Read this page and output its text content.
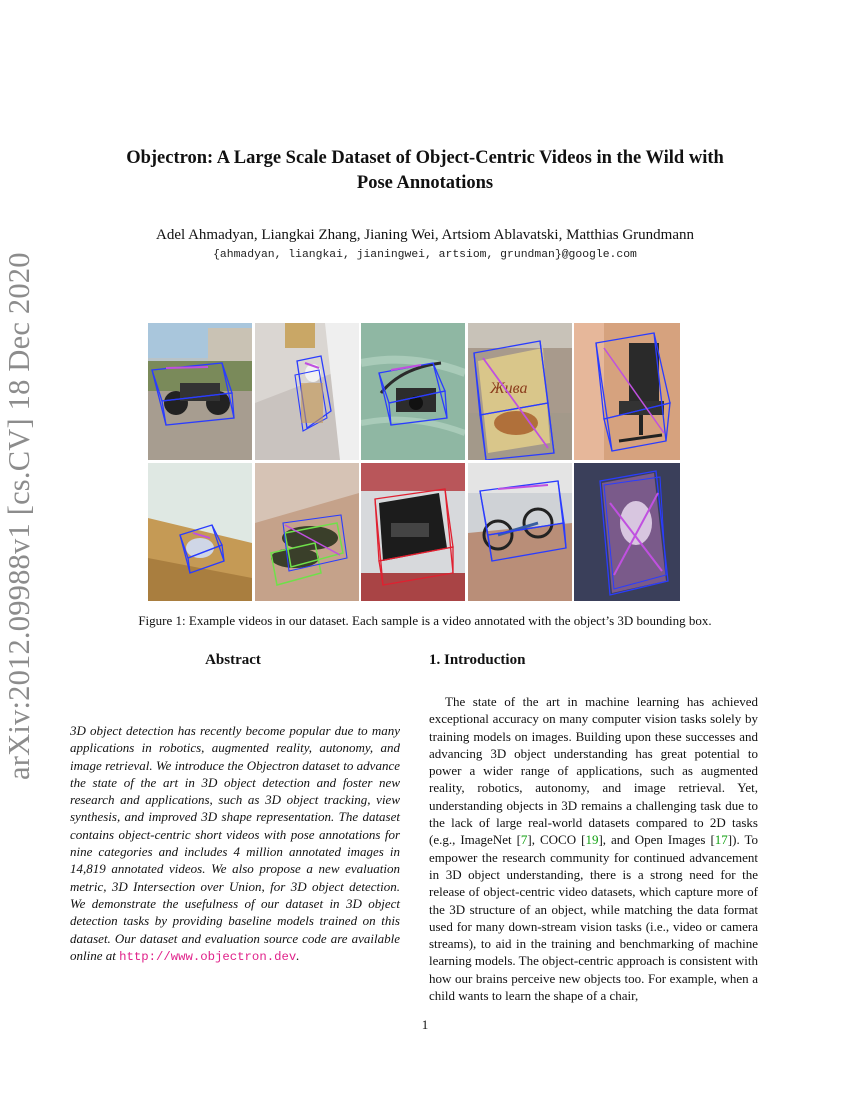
arXiv:2012.09988v1 [cs.CV] 18 Dec 2020
Objectron: A Large Scale Dataset of Object-Centric Videos in the Wild with
Pose Annotations
Adel Ahmadyan, Liangkai Zhang, Jianing Wei, Artsiom Ablavatski, Matthias Grundmann
{ahmadyan, liangkai, jianingwei, artsiom, grundman}@google.com
Жива
Figure 1: Example videos in our dataset. Each sample is a video annotated with the object’s 3D bounding box.
Abstract	1. Introduction
3D object detection has recently become popular due to many applications in robotics, augmented reality, autonomy, and image retrieval. We introduce the Objectron dataset to advance the state of the art in 3D object detection and foster new research and applications, such as 3D object tracking, view synthesis, and improved 3D shape representation. The dataset contains object-centric short videos with pose annotations for nine categories and includes 4 million annotated images in 14,819 annotated videos. We also propose a new evaluation metric, 3D Intersection over Union, for 3D object detection. We demonstrate the usefulness of our dataset in 3D object detection tasks by providing baseline models trained on this dataset. Our dataset and evaluation source code are available online at http://www.objectron.dev.
The state of the art in machine learning has achieved exceptional accuracy on many computer vision tasks solely by training models on images. Building upon these successes and advancing 3D object understanding has great potential to power a wider range of applications, such as augmented reality, robotics, autonomy, and image retrieval. Yet, understanding objects in 3D remains a challenging task due to the lack of large real-world datasets compared to 2D tasks (e.g., ImageNet [7], COCO [19], and Open Images [17]). To empower the research community for continued advancement in 3D object understanding, there is a strong need for the release of object-centric video datasets, which capture more of the 3D structure of an object, while matching the data format used for many down-stream vision tasks (i.e., video or camera streams), to aid in the training and benchmarking of machine learning models. The object-centric approach is consistent with how our brains perceive new objects too. For example, when a child wants to learn the shape of a chair,
1
